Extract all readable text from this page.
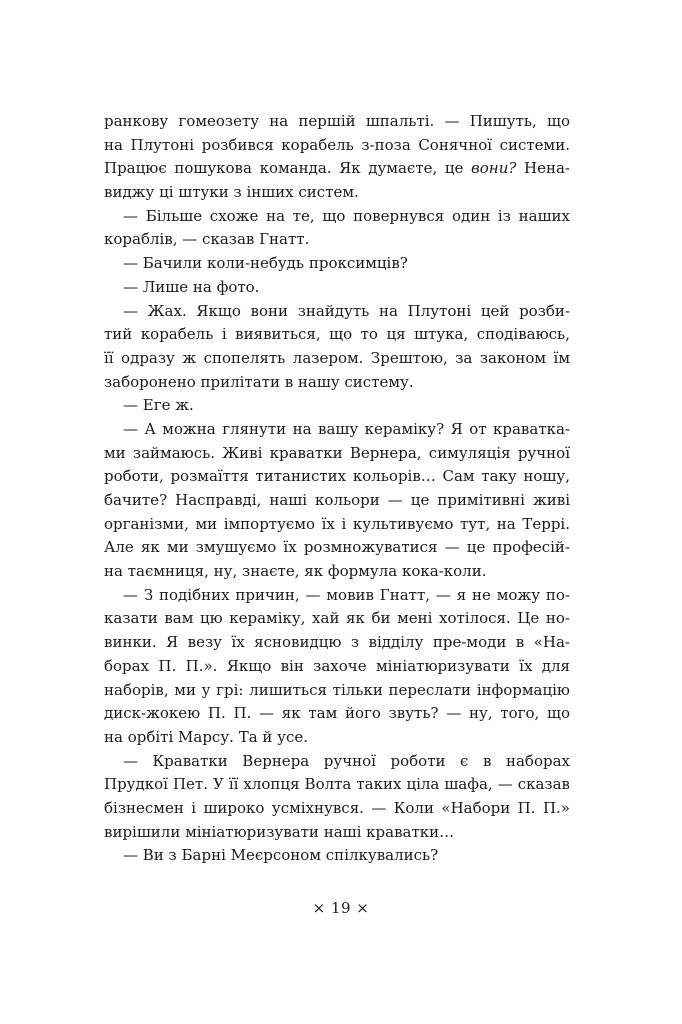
ранкову гомеозету на першій шпальті. — Пишуть, що
на Плутоні розбився корабель з-поза Сонячної системи.
Працює пошукова команда. Як думаєте, це вони? Нена-
виджу ці штуки з інших систем.
— Більше схоже на те, що повернувся один із наших
кораблів, — сказав Гнатт.
— Бачили коли-небудь проксимців?
— Лише на фото.
— Жах. Якщо вони знайдуть на Плутоні цей розби-
тий корабель і виявиться, що то ця штука, сподіваюсь,
її одразу ж спопелять лазером. Зрештою, за законом їм
заборонено прилітати в нашу систему.
— Еге ж.
— А можна глянути на вашу кераміку? Я от краватка-
ми займаюсь. Живі краватки Вернера, симуляція ручної
роботи, розмаїття титанистих кольорів… Сам таку ношу,
бачите? Насправді, наші кольори — це примітивні живі
організми, ми імпортуємо їх і культивуємо тут, на Террі.
Але як ми змушуємо їх розмножуватися — це професій-
на таємниця, ну, знаєте, як формула кока-коли.
— З подібних причин, — мовив Гнатт, — я не можу по-
казати вам цю кераміку, хай як би мені хотілося. Це но-
винки. Я везу їх ясновидцю з відділу пре-моди в «На-
борах П. П.». Якщо він захоче мініатюризувати їх для
наборів, ми у грі: лишиться тільки переслати інформацію
диск-жокею П. П. — як там його звуть? — ну, того, що
на орбіті Марсу. Та й усе.
— Краватки Вернера ручної роботи є в наборах
Прудкої Пет. У її хлопця Волта таких ціла шафа, — сказав
бізнесмен і широко усміхнувся. — Коли «Набори П. П.»
вирішили мініатюризувати наші краватки…
— Ви з Барні Меєрсоном спілкувались?
× 19 ×
